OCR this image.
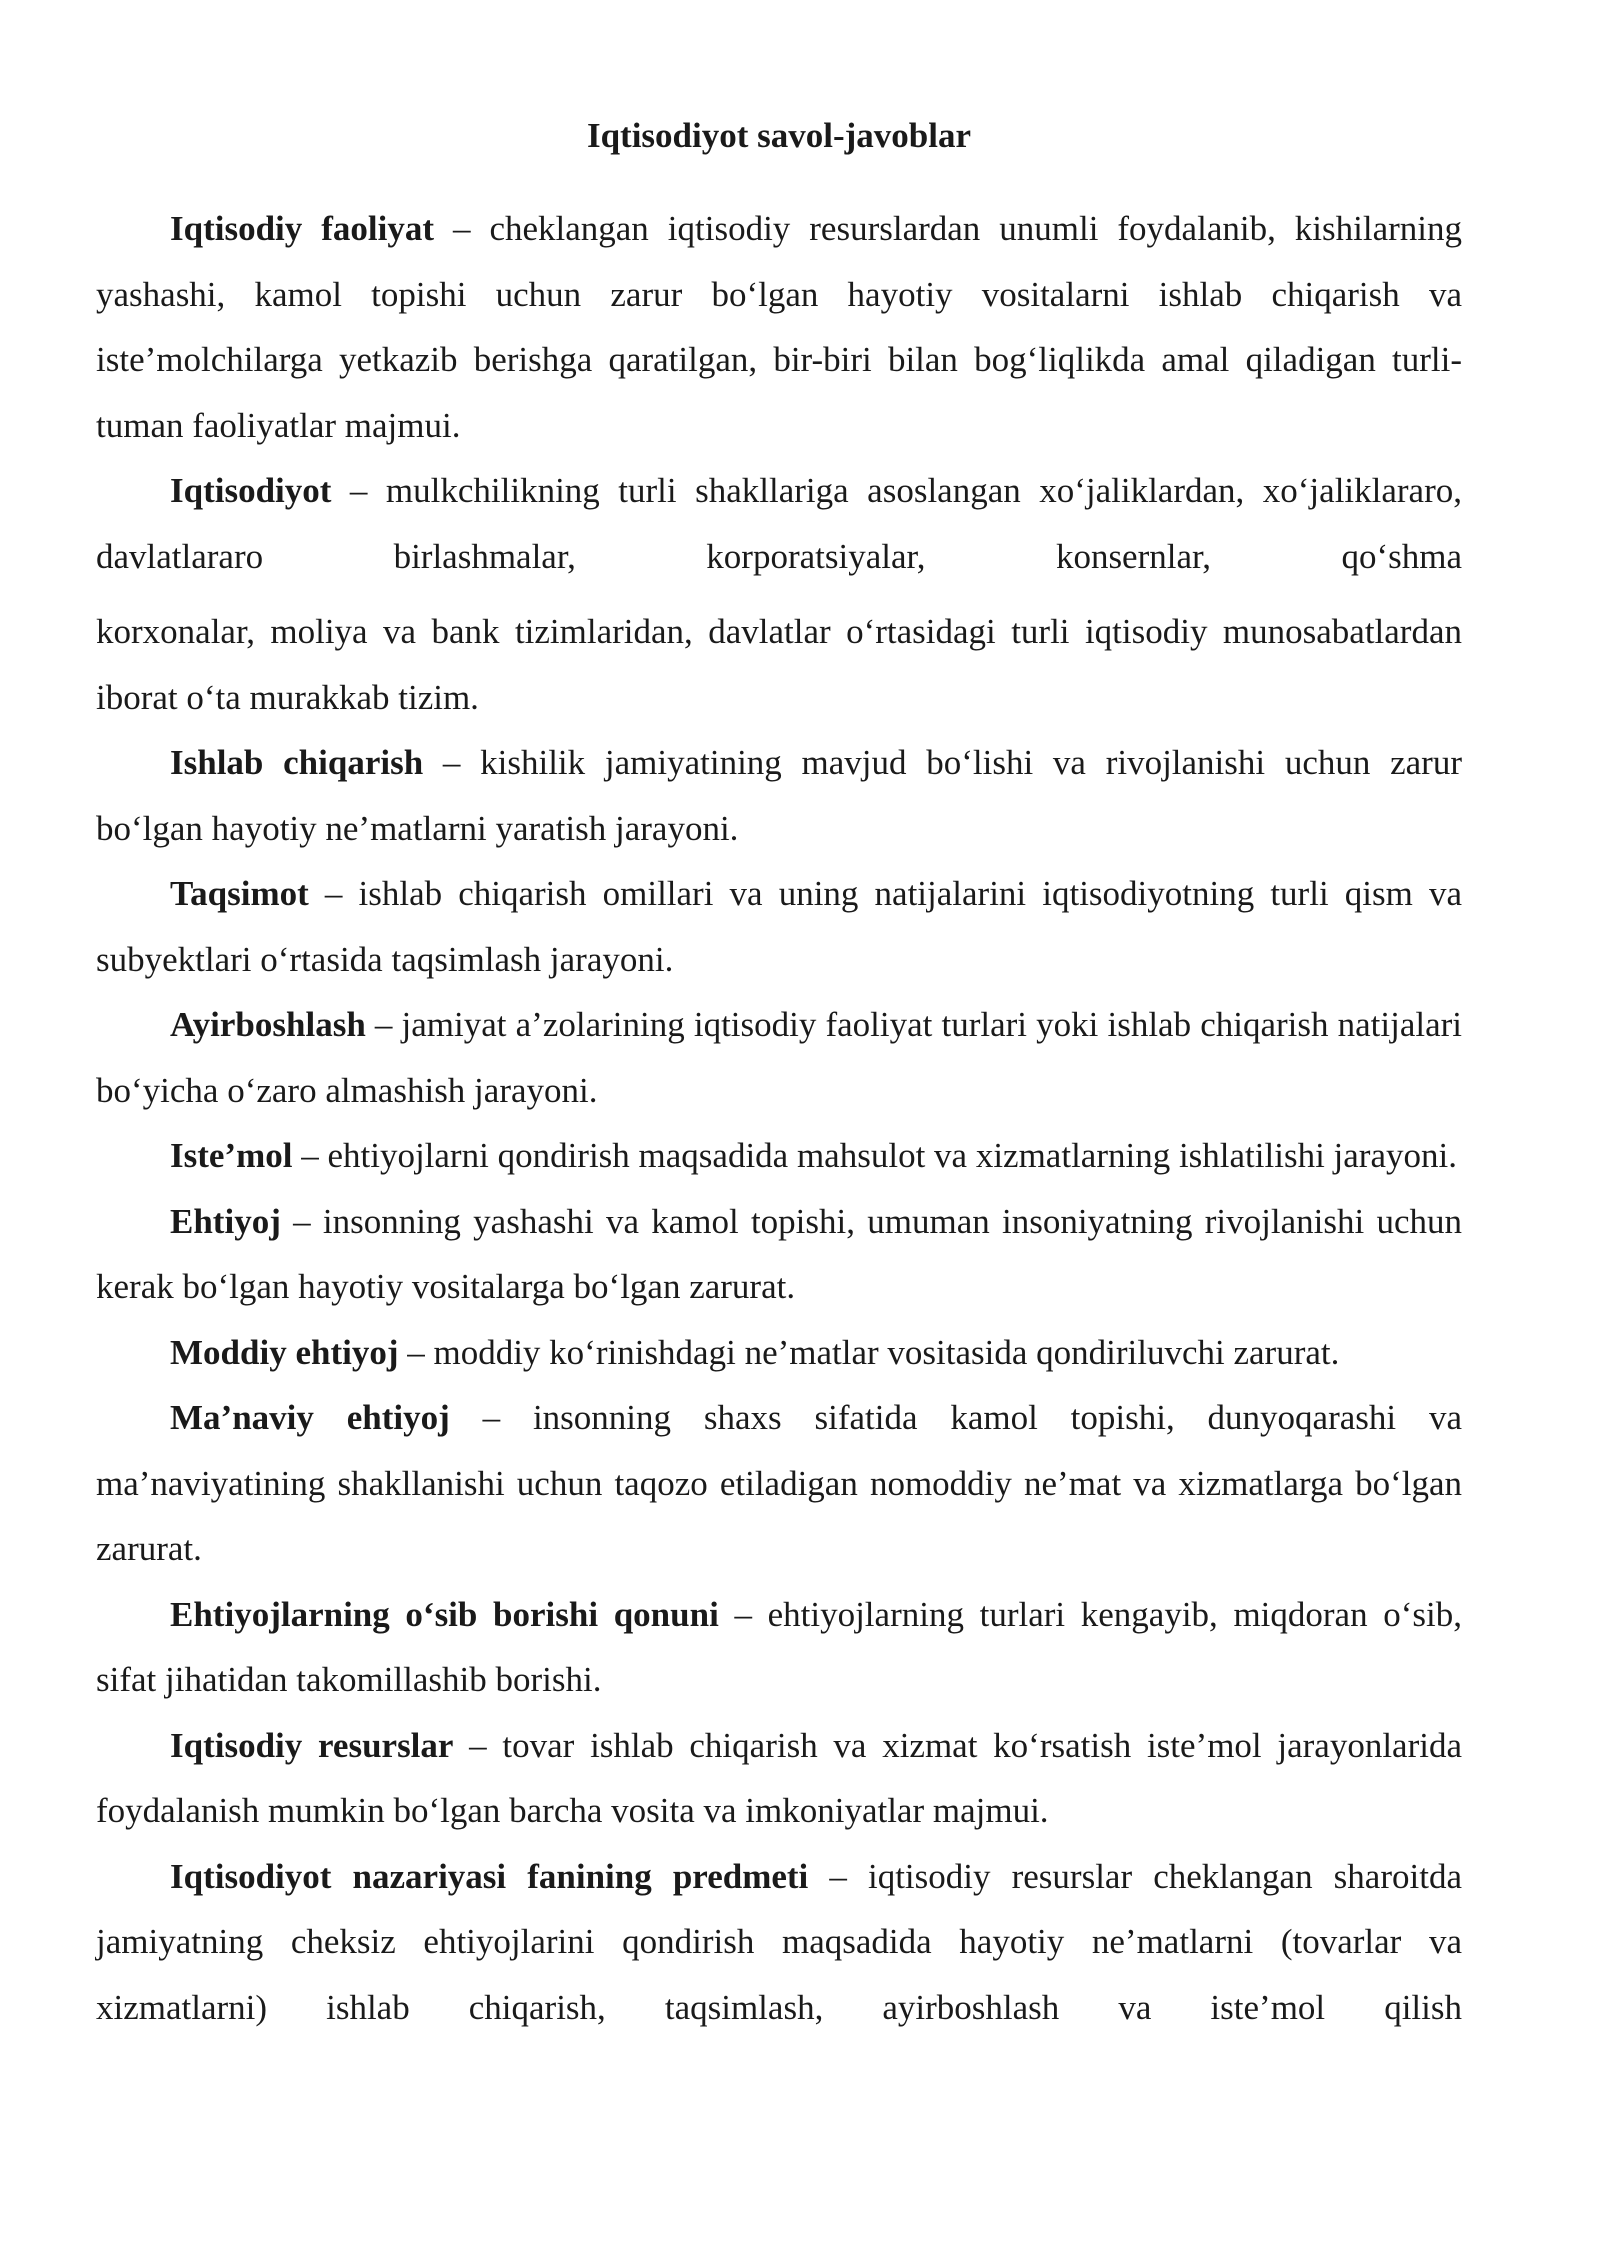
Iqtisodiyot savol-javoblar

Iqtisodiy faoliyat – cheklangan iqtisodiy resurslardan unumli foydalanib, kishilarning yashashi, kamol topishi uchun zarur bo‘lgan hayotiy vositalarni ishlab chiqarish va iste’molchilarga yetkazib berishga qaratilgan, bir-biri bilan bog‘liqlikda amal qiladigan turli-tuman faoliyatlar majmui.

Iqtisodiyot – mulkchilikning turli shakllariga asoslangan xo‘jaliklardan, xo‘jaliklararo, davlatlararo birlashmalar, korporatsiyalar, konsernlar, qo‘shma

korxonalar, moliya va bank tizimlaridan, davlatlar o‘rtasidagi turli iqtisodiy munosabatlardan iborat o‘ta murakkab tizim.

Ishlab chiqarish – kishilik jamiyatining mavjud bo‘lishi va rivojlanishi uchun zarur bo‘lgan hayotiy ne’matlarni yaratish jarayoni.

Taqsimot – ishlab chiqarish omillari va uning natijalarini iqtisodiyotning turli qism va subyektlari o‘rtasida taqsimlash jarayoni.

Ayirboshlash – jamiyat a’zolarining iqtisodiy faoliyat turlari yoki ishlab chiqarish natijalari bo‘yicha o‘zaro almashish jarayoni.

Iste’mol – ehtiyojlarni qondirish maqsadida mahsulot va xizmatlarning ishlatilishi jarayoni.

Ehtiyoj – insonning yashashi va kamol topishi, umuman insoniyatning rivojlanishi uchun kerak bo‘lgan hayotiy vositalarga bo‘lgan zarurat.

Moddiy ehtiyoj – moddiy ko‘rinishdagi ne’matlar vositasida qondiriluvchi zarurat.

Ma’naviy ehtiyoj – insonning shaxs sifatida kamol topishi, dunyoqarashi va ma’naviyatining shakllanishi uchun taqozo etiladigan nomoddiy ne’mat va xizmatlarga bo‘lgan zarurat.

Ehtiyojlarning o‘sib borishi qonuni – ehtiyojlarning turlari kengayib, miqdoran o‘sib, sifat jihatidan takomillashib borishi.

Iqtisodiy resurslar – tovar ishlab chiqarish va xizmat ko‘rsatish iste’mol jarayonlarida foydalanish mumkin bo‘lgan barcha vosita va imkoniyatlar majmui.

Iqtisodiyot nazariyasi fanining predmeti – iqtisodiy resurslar cheklangan sharoitda jamiyatning cheksiz ehtiyojlarini qondirish maqsadida hayotiy ne’matlarni (tovarlar va xizmatlarni) ishlab chiqarish, taqsimlash, ayirboshlash va iste’mol qilish
